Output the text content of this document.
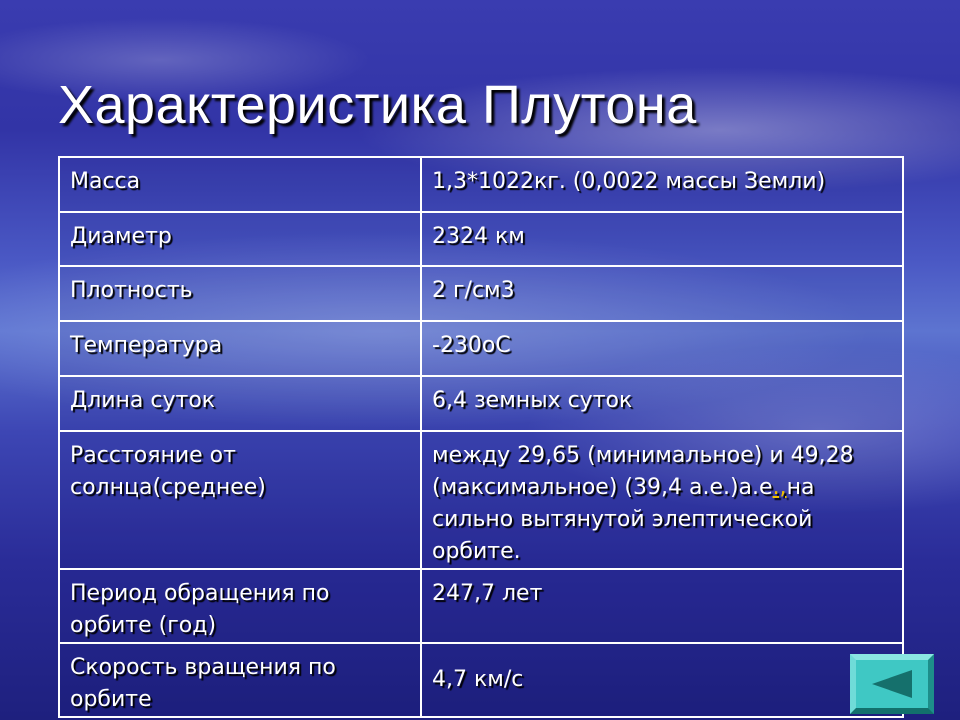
Характеристика Плутона
Масса	1,3*1022кг. (0,0022 массы Земли)
Диаметр	2324 км
Плотность	2 г/см3
Температура	-230оС
Длина суток	6,4 земных суток
Расстояние от солнца(среднее)	между 29,65 (минимальное) и 49,28 (максимальное) (39,4 а.е.)а.е.,на сильно вытянутой элептической орбите.
Период обращения по орбите (год)	247,7 лет
Скорость вращения по орбите	4,7 км/с
